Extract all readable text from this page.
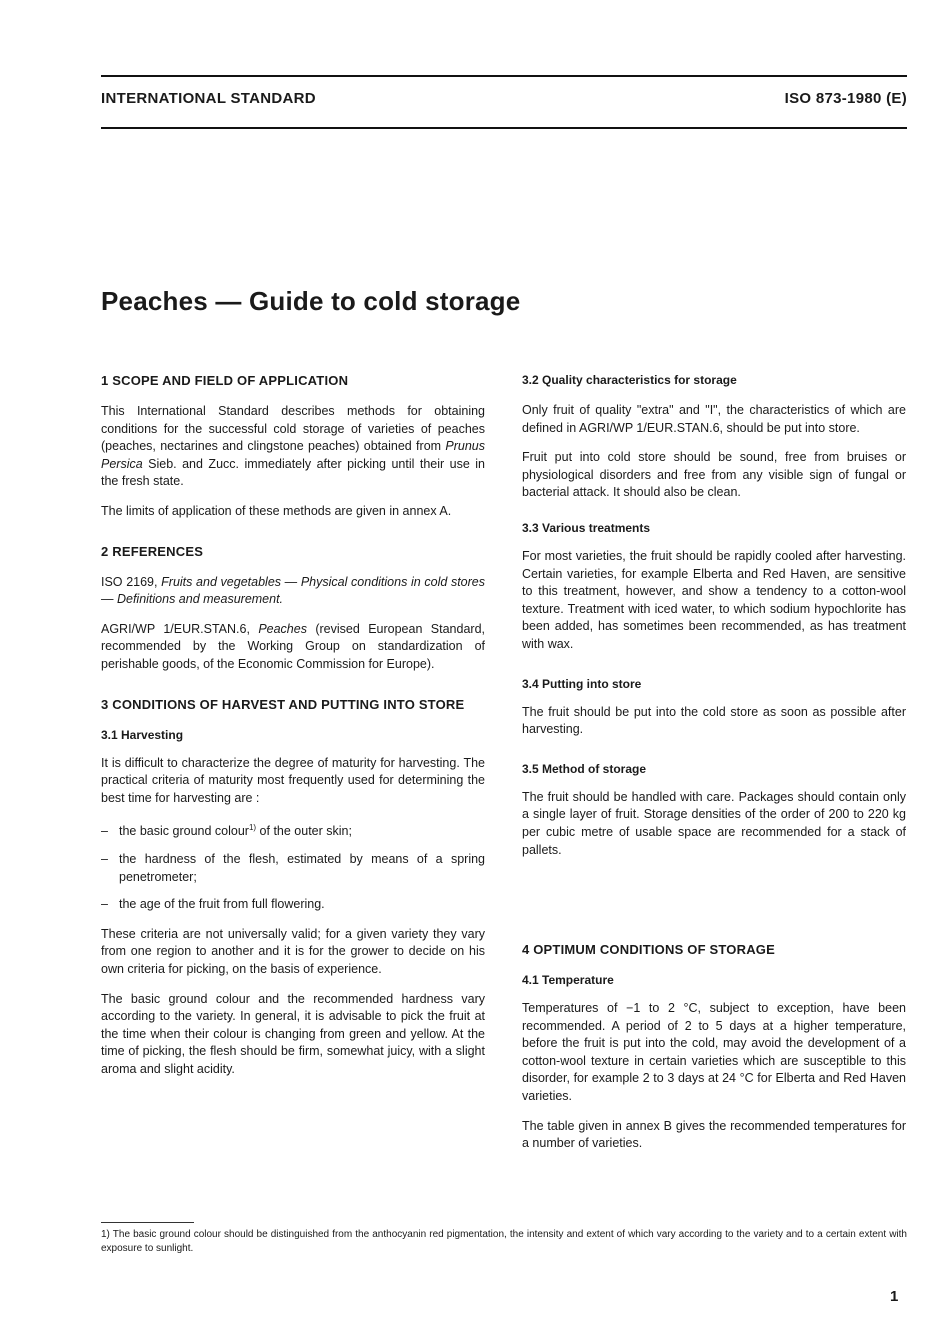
INTERNATIONAL STANDARD	ISO 873-1980 (E)
Peaches — Guide to cold storage
1 SCOPE AND FIELD OF APPLICATION

This International Standard describes methods for obtaining conditions for the successful cold storage of varieties of peaches (peaches, nectarines and clingstone peaches) obtained from Prunus Persica Sieb. and Zucc. immediately after picking until their use in the fresh state.

The limits of application of these methods are given in annex A.

2 REFERENCES

ISO 2169, Fruits and vegetables — Physical conditions in cold stores — Definitions and measurement.

AGRI/WP 1/EUR.STAN.6, Peaches (revised European Standard, recommended by the Working Group on standardization of perishable goods, of the Economic Commission for Europe).

3 CONDITIONS OF HARVEST AND PUTTING INTO STORE
3.1 Harvesting

It is difficult to characterize the degree of maturity for harvesting. The practical criteria of maturity most frequently used for determining the best time for harvesting are :

– the basic ground colour$^{1)}$ of the outer skin;
– the hardness of the flesh, estimated by means of a spring penetrometer;
– the age of the fruit from full flowering.

These criteria are not universally valid; for a given variety they vary from one region to another and it is for the grower to decide on his own criteria for picking, on the basis of experience.

The basic ground colour and the recommended hardness vary according to the variety. In general, it is advisable to pick the fruit at the time when their colour is changing from green and yellow. At the time of picking, the flesh should be firm, somewhat juicy, with a slight aroma and slight acidity.

3.2 Quality characteristics for storage

Only fruit of quality "extra" and "I", the characteristics of which are defined in AGRI/WP 1/EUR.STAN.6, should be put into store.

Fruit put into cold store should be sound, free from bruises or physiological disorders and free from any visible sign of fungal or bacterial attack. It should also be clean.

3.3 Various treatments

For most varieties, the fruit should be rapidly cooled after harvesting. Certain varieties, for example Elberta and Red Haven, are sensitive to this treatment, however, and show a tendency to a cotton-wool texture. Treatment with iced water, to which sodium hypochlorite has been added, has sometimes been recommended, as has treatment with wax.

3.4 Putting into store

The fruit should be put into the cold store as soon as possible after harvesting.

3.5 Method of storage

The fruit should be handled with care. Packages should contain only a single layer of fruit. Storage densities of the order of 200 to 220 kg per cubic metre of usable space are recommended for a stack of pallets.

4 OPTIMUM CONDITIONS OF STORAGE
4.1 Temperature

Temperatures of −1 to 2 °C, subject to exception, have been recommended. A period of 2 to 5 days at a higher temperature, before the fruit is put into the cold, may avoid the development of a cotton-wool texture in certain varieties which are susceptible to this disorder, for example 2 to 3 days at 24 °C for Elberta and Red Haven varieties.

The table given in annex B gives the recommended temperatures for a number of varieties.

1) The basic ground colour should be distinguished from the anthocyanin red pigmentation, the intensity and extent of which vary according to the variety and to a certain extent with exposure to sunlight.
1
